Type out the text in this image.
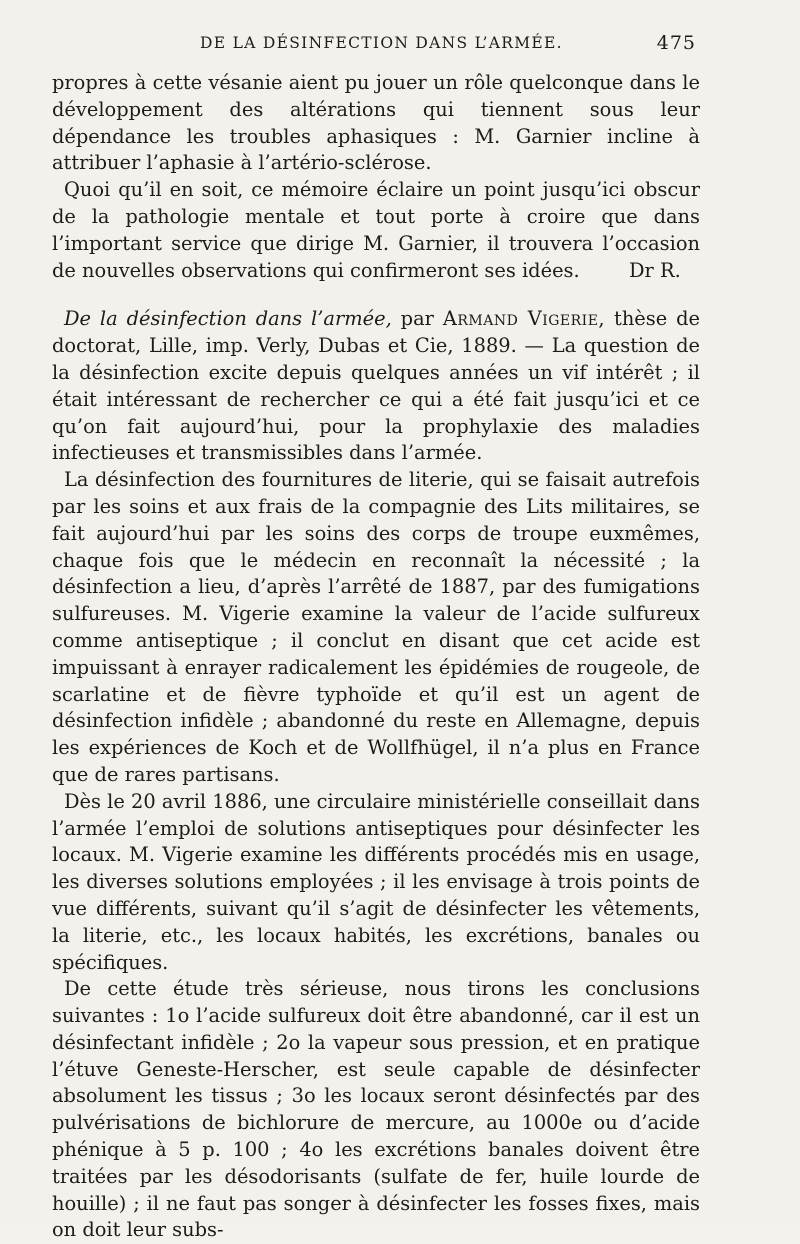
DE LA DÉSINFECTION DANS L’ARMÉE.	475

propres à cette vésanie aient pu jouer un rôle quelconque dans le développement des altérations qui tiennent sous leur dépendance les troubles aphasiques : M. Garnier incline à attribuer l’aphasie à l’artério-sclérose.

Quoi qu’il en soit, ce mémoire éclaire un point jusqu’ici obscur de la pathologie mentale et tout porte à croire que dans l’important service que dirige M. Garnier, il trouvera l’occasion de nouvelles observations qui confirmeront ses idées.	Dr R.

De la désinfection dans l’armée, par Armand Vigerie, thèse de doctorat, Lille, imp. Verly, Dubas et Cie, 1889. — La question de la désinfection excite depuis quelques années un vif intérêt ; il était intéressant de rechercher ce qui a été fait jusqu’ici et ce qu’on fait aujourd’hui, pour la prophylaxie des maladies infectieuses et transmissibles dans l’armée.

La désinfection des fournitures de literie, qui se faisait autrefois par les soins et aux frais de la compagnie des Lits militaires, se fait aujourd’hui par les soins des corps de troupe euxmêmes, chaque fois que le médecin en reconnaît la nécessité ; la désinfection a lieu, d’après l’arrêté de 1887, par des fumigations sulfureuses. M. Vigerie examine la valeur de l’acide sulfureux comme antiseptique ; il conclut en disant que cet acide est impuissant à enrayer radicalement les épidémies de rougeole, de scarlatine et de fièvre typhoïde et qu’il est un agent de désinfection infidèle ; abandonné du reste en Allemagne, depuis les expériences de Koch et de Wollfhügel, il n’a plus en France que de rares partisans.

Dès le 20 avril 1886, une circulaire ministérielle conseillait dans l’armée l’emploi de solutions antiseptiques pour désinfecter les locaux. M. Vigerie examine les différents procédés mis en usage, les diverses solutions employées ; il les envisage à trois points de vue différents, suivant qu’il s’agit de désinfecter les vêtements, la literie, etc., les locaux habités, les excrétions, banales ou spécifiques.

De cette étude très sérieuse, nous tirons les conclusions suivantes : 1o l’acide sulfureux doit être abandonné, car il est un désinfectant infidèle ; 2o la vapeur sous pression, et en pratique l’étuve Geneste-Herscher, est seule capable de désinfecter absolument les tissus ; 3o les locaux seront désinfectés par des pulvérisations de bichlorure de mercure, au 1000e ou d’acide phénique à 5 p. 100 ; 4o les excrétions banales doivent être traitées par les désodorisants (sulfate de fer, huile lourde de houille) ; il ne faut pas songer à désinfecter les fosses fixes, mais on doit leur subs-
